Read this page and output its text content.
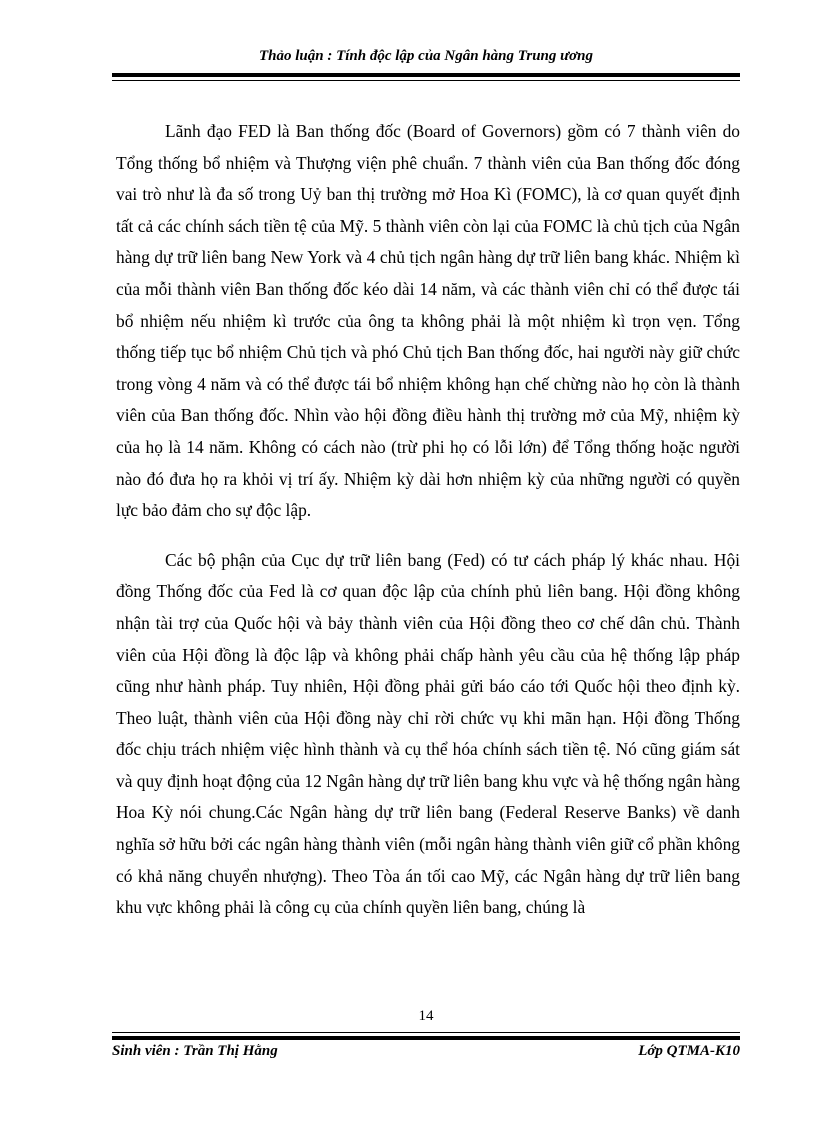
Thảo luận : Tính độc lập của Ngân hàng Trung ương

Lãnh đạo FED là Ban thống đốc (Board of Governors) gồm có 7 thành viên do Tổng thống bổ nhiệm và Thượng viện phê chuẩn. 7 thành viên của Ban thống đốc đóng vai trò như là đa số trong Uỷ ban thị trường mở Hoa Kì (FOMC), là cơ quan quyết định tất cả các chính sách tiền tệ của Mỹ. 5 thành viên còn lại của FOMC là chủ tịch của Ngân hàng dự trữ liên bang New York và 4 chủ tịch ngân hàng dự trữ liên bang khác. Nhiệm kì của mỗi thành viên Ban thống đốc kéo dài 14 năm, và các thành viên chỉ có thể được tái bổ nhiệm nếu nhiệm kì trước của ông ta không phải là một nhiệm kì trọn vẹn. Tổng thống tiếp tục bổ nhiệm Chủ tịch và phó Chủ tịch Ban thống đốc, hai người này giữ chức trong vòng 4 năm và có thể được tái bổ nhiệm không hạn chế chừng nào họ còn là thành viên của Ban thống đốc. Nhìn vào hội đồng điều hành thị trường mở của Mỹ, nhiệm kỳ của họ là 14 năm. Không có cách nào (trừ phi họ có lỗi lớn) để Tổng thống hoặc người nào đó đưa họ ra khỏi vị trí ấy. Nhiệm kỳ dài hơn nhiệm kỳ của những người có quyền lực bảo đảm cho sự độc lập.

Các bộ phận của Cục dự trữ liên bang (Fed) có tư cách pháp lý khác nhau. Hội đồng Thống đốc của Fed là cơ quan độc lập của chính phủ liên bang. Hội đồng không nhận tài trợ của Quốc hội và bảy thành viên của Hội đồng theo cơ chế dân chủ. Thành viên của Hội đồng là độc lập và không phải chấp hành yêu cầu của hệ thống lập pháp cũng như hành pháp. Tuy nhiên, Hội đồng phải gửi báo cáo tới Quốc hội theo định kỳ. Theo luật, thành viên của Hội đồng này chỉ rời chức vụ khi mãn hạn. Hội đồng Thống đốc chịu trách nhiệm việc hình thành và cụ thể hóa chính sách tiền tệ. Nó cũng giám sát và quy định hoạt động của 12 Ngân hàng dự trữ liên bang khu vực và hệ thống ngân hàng Hoa Kỳ nói chung.Các Ngân hàng dự trữ liên bang (Federal Reserve Banks) về danh nghĩa sở hữu bởi các ngân hàng thành viên (mỗi ngân hàng thành viên giữ cổ phần không có khả năng chuyển nhượng). Theo Tòa án tối cao Mỹ, các Ngân hàng dự trữ liên bang khu vực không phải là công cụ của chính quyền liên bang, chúng là

14
Sinh viên : Trần Thị Hằng	Lớp QTMA-K10
